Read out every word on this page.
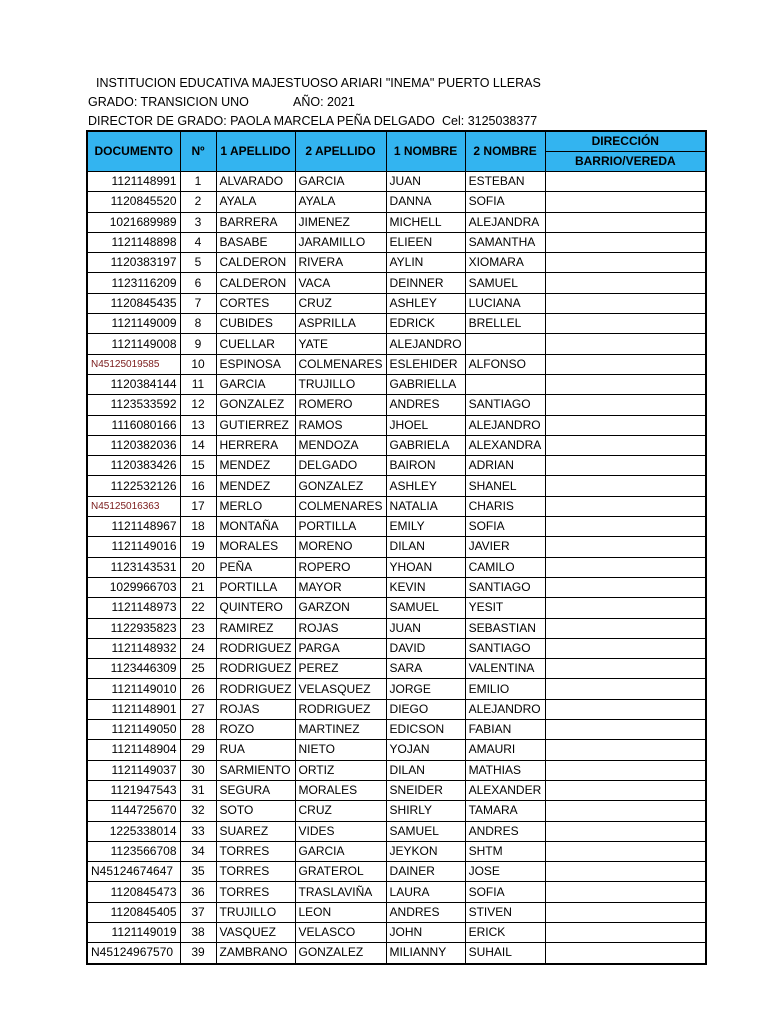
INSTITUCION EDUCATIVA MAJESTUOSO ARIARI "INEMA" PUERTO LLERAS
GRADO: TRANSICION UNO	AÑO: 2021
DIRECTOR DE GRADO: PAOLA MARCELA PEÑA DELGADO Cel: 3125038377
DOCUMENTO	Nº	1 APELLIDO	2 APELLIDO	1 NOMBRE	2 NOMBRE	DIRECCIÓN
						BARRIO/VEREDA
1121148991	1	ALVARADO	GARCIA	JUAN	ESTEBAN	
1120845520	2	AYALA	AYALA	DANNA	SOFIA	
1021689989	3	BARRERA	JIMENEZ	MICHELL	ALEJANDRA	
1121148898	4	BASABE	JARAMILLO	ELIEEN	SAMANTHA	
1120383197	5	CALDERON	RIVERA	AYLIN	XIOMARA	
1123116209	6	CALDERON	VACA	DEINNER	SAMUEL	
1120845435	7	CORTES	CRUZ	ASHLEY	LUCIANA	
1121149009	8	CUBIDES	ASPRILLA	EDRICK	BRELLEL	
1121149008	9	CUELLAR	YATE	ALEJANDRO		
N45125019585	10	ESPINOSA	COLMENARES	ESLEHIDER	ALFONSO	
1120384144	11	GARCIA	TRUJILLO	GABRIELLA		
1123533592	12	GONZALEZ	ROMERO	ANDRES	SANTIAGO	
1116080166	13	GUTIERREZ	RAMOS	JHOEL	ALEJANDRO	
1120382036	14	HERRERA	MENDOZA	GABRIELA	ALEXANDRA	
1120383426	15	MENDEZ	DELGADO	BAIRON	ADRIAN	
1122532126	16	MENDEZ	GONZALEZ	ASHLEY	SHANEL	
N45125016363	17	MERLO	COLMENARES	NATALIA	CHARIS	
1121148967	18	MONTAÑA	PORTILLA	EMILY	SOFIA	
1121149016	19	MORALES	MORENO	DILAN	JAVIER	
1123143531	20	PEÑA	ROPERO	YHOAN	CAMILO	
1029966703	21	PORTILLA	MAYOR	KEVIN	SANTIAGO	
1121148973	22	QUINTERO	GARZON	SAMUEL	YESIT	
1122935823	23	RAMIREZ	ROJAS	JUAN	SEBASTIAN	
1121148932	24	RODRIGUEZ	PARGA	DAVID	SANTIAGO	
1123446309	25	RODRIGUEZ	PEREZ	SARA	VALENTINA	
1121149010	26	RODRIGUEZ	VELASQUEZ	JORGE	EMILIO	
1121148901	27	ROJAS	RODRIGUEZ	DIEGO	ALEJANDRO	
1121149050	28	ROZO	MARTINEZ	EDICSON	FABIAN	
1121148904	29	RUA	NIETO	YOJAN	AMAURI	
1121149037	30	SARMIENTO	ORTIZ	DILAN	MATHIAS	
1121947543	31	SEGURA	MORALES	SNEIDER	ALEXANDER	
1144725670	32	SOTO	CRUZ	SHIRLY	TAMARA	
1225338014	33	SUAREZ	VIDES	SAMUEL	ANDRES	
1123566708	34	TORRES	GARCIA	JEYKON	SHTM	
N45124674647	35	TORRES	GRATEROL	DAINER	JOSE	
1120845473	36	TORRES	TRASLAVIÑA	LAURA	SOFIA	
1120845405	37	TRUJILLO	LEON	ANDRES	STIVEN	
1121149019	38	VASQUEZ	VELASCO	JOHN	ERICK	
N45124967570	39	ZAMBRANO	GONZALEZ	MILIANNY	SUHAIL	
